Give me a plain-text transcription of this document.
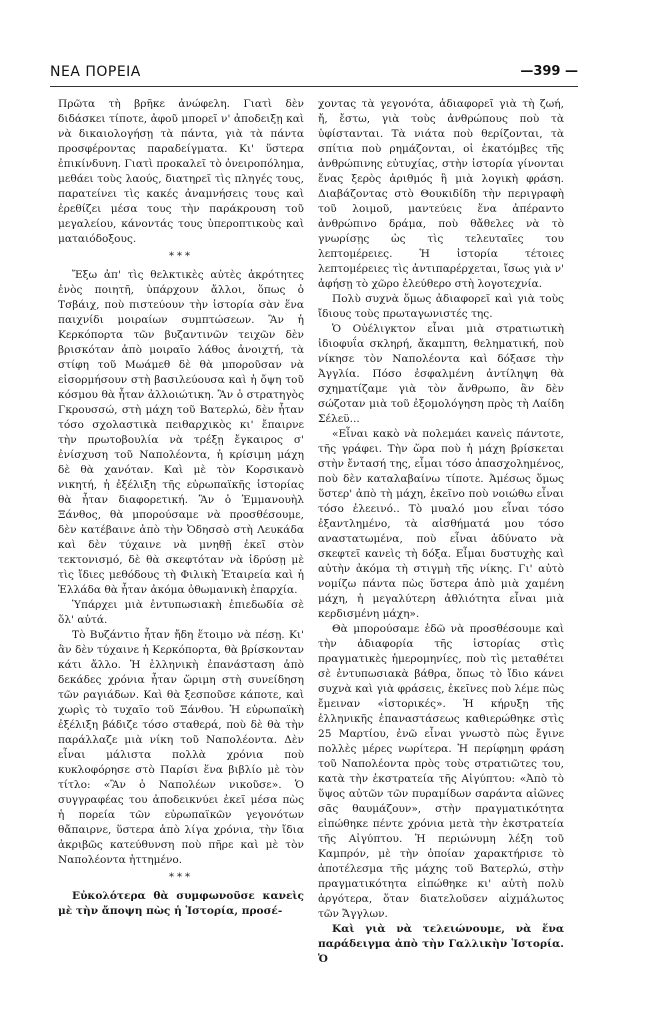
ΝΕΑ ΠΟΡΕΙΑ	—399 —

Πρῶτα τὴ βρῆκε ἀνώφελη. Γιατὶ δὲν διδάσκει τίποτε, ἀφοῦ μπορεῖ ν' ἀποδειξῃ καὶ νὰ δικαιολογήσῃ τὰ πάντα, γιὰ τὰ πάντα προσφέροντας παραδείγματα. Κι' ὕστερα ἐπικίνδυνη. Γιατὶ προκαλεῖ τὸ ὀνειροπόλημα, μεθάει τοὺς λαούς, διατηρεῖ τὶς πληγές τους, παρατείνει τὶς κακές ἀναμνήσεις τους καὶ ἐρεθίζει μέσα τους τὴν παράκρουση τοῦ μεγαλείου, κάνοντάς τους ὑπεροπτικοὺς καὶ ματαιόδοξους.

***

Ἔξω ἀπ' τὶς θελκτικὲς αὐτὲς ἀκρότητες ἑνὸς ποιητῆ, ὑπάρχουν ἄλλοι, ὅπως ὁ Τσβάιχ, ποὺ πιστεύουν τὴν ἱστορία σὰν ἕνα παιχνίδι μοιραίων συμπτώσεων. Ἂν ἡ Κερκόπορτα τῶν βυζαντινῶν τειχῶν δὲν βρισκόταν ἀπὸ μοιραῖο λάθος ἀνοιχτή, τὰ στίφη τοῦ Μωάμεθ δὲ θὰ μποροῦσαν νὰ εἰσορμήσουν στὴ βασιλεύουσα καὶ ἡ ὄψη τοῦ κόσμου θὰ ἦταν ἀλλοιώτικη. Ἂν ὁ στρατηγὸς Γκρουσσώ, στὴ μάχη τοῦ Βατερλώ, δὲν ἦταν τόσο σχολαστικὰ πειθαρχικὸς κι' ἔπαιρνε τὴν πρωτοβουλία νὰ τρέξῃ ἔγκαιρος σ' ἐνίσχυση τοῦ Ναπολέοντα, ἡ κρίσιμη μάχη δὲ θὰ χανόταν. Καὶ μὲ τὸν Κορσικανὸ νικητή, ἡ ἐξέλιξη τῆς εὐρωπαϊκῆς ἱστορίας θὰ ἦταν διαφορετική. Ἂν ὁ Ἐμμανουὴλ Ξάνθος, θὰ μπορούσαμε νὰ προσθέσουμε, δὲν κατέβαινε ἀπὸ τὴν Ὀδησσὸ στὴ Λευκάδα καὶ δὲν τύχαινε νὰ μνηθῇ ἐκεῖ στὸν τεκτονισμό, δὲ θὰ σκεφτόταν νὰ ἱδρύσῃ μὲ τὶς ἴδιες μεθόδους τὴ Φιλικὴ Ἑταιρεία καὶ ἡ Ἑλλάδα θὰ ἦταν ἀκόμα ὀθωμανικὴ ἐπαρχία.

Ὑπάρχει μιὰ ἐντυπωσιακὴ ἐπιεδωδία σὲ ὅλ' αὐτά.

Τὸ Βυζάντιο ἦταν ἤδη ἕτοιμο νὰ πέσῃ. Κι' ἂν δὲν τύχαινε ἡ Κερκόπορτα, θὰ βρίσκονταν κάτι ἄλλο. Ἡ ἑλληνικὴ ἐπανάσταση ἀπὸ δεκάδες χρόνια ἦταν ὥριμη στὴ συνείδηση τῶν ραγιάδων. Καὶ θὰ ξεσποῦσε κάποτε, καὶ χωρὶς τὸ τυχαῖο τοῦ Ξάνθου. Ἡ εὐρωπαϊκὴ ἐξέλιξη βάδιζε τόσο σταθερά, ποὺ δὲ θὰ τὴν παράλλαζε μιὰ νίκη τοῦ Ναπολέοντα. Δὲν εἶναι μάλιστα πολλὰ χρόνια ποὺ κυκλοφόρησε στὸ Παρίσι ἕνα βιβλίο μὲ τὸν τίτλο: «Ἂν ὁ Ναπολέων νικοῦσε». Ὁ συγγραφέας του ἀποδεικνύει ἐκεῖ μέσα πὼς ἡ πορεία τῶν εὐρωπαϊκῶν γεγονότων θἄπαιρνε, ὕστερα ἀπὸ λίγα χρόνια, τὴν ἴδια ἀκριβῶς κατεύθυνση ποὺ πῆρε καὶ μὲ τὸν Ναπολέοντα ἡττημένο.

***

Εὐκολότερα θὰ συμφωνοῦσε κανεὶς μὲ τὴν ἄποψη πὼς ἡ Ἱστορία, προσέ-

χοντας τὰ γεγονότα, ἀδιαφορεῖ γιὰ τὴ ζωή, ἤ, ἔστω, γιὰ τοὺς ἀνθρώπους ποὺ τὰ ὑφίστανται. Τὰ νιάτα ποὺ θερίζονται, τὰ σπίτια ποὺ ρημάζονται, οἱ ἑκατόμβες τῆς ἀνθρώπινης εὐτυχίας, στὴν ἱστορία γίνονται ἕνας ξερὸς ἀριθμός ἢ μιὰ λογικὴ φράση. Διαβάζοντας στὸ Θουκιδίδη τὴν περιγραφὴ τοῦ λοιμοῦ, μαντεύεις ἕνα ἀπέραντο ἀνθρώπινο δράμα, ποὺ θἄθελες νὰ τὸ γνωρίσῃς ὡς τὶς τελευταῖες του λεπτομέρειες. Ἡ ἱστορία τέτοιες λεπτομέρειες τὶς ἀντιπαρέρχεται, ἴσως γιὰ ν' ἀφήσῃ τὸ χῶρο ἐλεύθερο στὴ λογοτεχνία.

Πολὺ συχνὰ ὅμως ἀδιαφορεῖ καὶ γιὰ τοὺς ἴδιους τοὺς πρωταγωνιστές της.

Ὁ Οὐέλιγκτον εἶναι μιὰ στρατιωτικὴ ἰδιοφυΐα σκληρή, ἄκαμπτη, θεληματική, ποὺ νίκησε τὸν Ναπολέοντα καὶ δόξασε τὴν Ἀγγλία. Πόσο ἐσφαλμένη ἀντίληψη θὰ σχηματίζαμε γιὰ τὸν ἄνθρωπο, ἂν δὲν σώζοταν μιὰ τοῦ ἐξομολόγηση πρὸς τὴ Λαίδη Σέλεϋ...

«Εἶναι κακὸ νὰ πολεμάει κανεὶς πάντοτε, τῆς γράφει. Τὴν ὥρα ποὺ ἡ μάχη βρίσκεται στὴν ἔντασή της, εἶμαι τόσο ἀπασχολημένος, ποὺ δὲν καταλαβαίνω τίποτε. Ἀμέσως ὅμως ὕστερ' ἀπὸ τὴ μάχη, ἐκεῖνο ποὺ νοιώθω εἶναι τόσο ἐλεεινό.. Τὸ μυαλό μου εἶναι τόσο ἐξαντλημένο, τὰ αἰσθήματά μου τόσο αναστατωμένα, ποὺ εἶναι ἀδύνατο νὰ σκεφτεῖ κανεὶς τὴ δόξα. Εἶμαι δυστυχὴς καὶ αὐτὴν ἀκόμα τὴ στιγμὴ τῆς νίκης. Γι' αὐτὸ νομίζω πάντα πὼς ὕστερα ἀπὸ μιὰ χαμένη μάχη, ἡ μεγαλύτερη ἀθλιότητα εἶναι μιὰ κερδισμένη μάχη».

Θὰ μπορούσαμε ἐδῶ νὰ προσθέσουμε καὶ τὴν ἀδιαφορία τῆς ἱστορίας στὶς πραγματικὲς ἡμερομηνίες, ποὺ τὶς μεταθέτει σὲ ἐντυπωσιακὰ βάθρα, ὅπως τὸ ἴδιο κάνει συχνὰ καὶ γιὰ φράσεις, ἐκεῖνες ποὺ λέμε πὼς ἔμειναν «ἱστορικές». Ἡ κήρυξη τῆς ἑλληνικῆς ἐπαναστάσεως καθιερώθηκε στὶς 25 Μαρτίου, ἐνῶ εἶναι γνωστὸ πὼς ἔγινε πολλὲς μέρες νωρίτερα. Ἡ περίφημη φράση τοῦ Ναπολέοντα πρὸς τοὺς στρατιῶτες του, κατὰ τὴν ἐκστρατεία τῆς Αἰγύπτου: «Ἀπὸ τὸ ὕψος αὐτῶν τῶν πυραμίδων σαράντα αἰῶνες σᾶς θαυμάζουν», στὴν πραγματικότητα εἰπώθηκε πέντε χρόνια μετὰ τὴν ἐκστρατεία τῆς Αἰγύπτου. Ἡ περιώνυμη λέξη τοῦ Καμπρόν, μὲ τὴν ὁποίαν χαρακτήρισε τὸ ἀποτέλεσμα τῆς μάχης τοῦ Βατερλώ, στὴν πραγματικότητα εἰπώθηκε κι' αὐτὴ πολὺ ἀργότερα, ὅταν διατελοῦσεν αἰχμάλωτος τῶν Ἄγγλων.

Καὶ γιὰ νὰ τελειώνουμε, νὰ ἕνα παράδειγμα ἀπὸ τὴν Γαλλικὴν Ἱστορία. Ὁ
